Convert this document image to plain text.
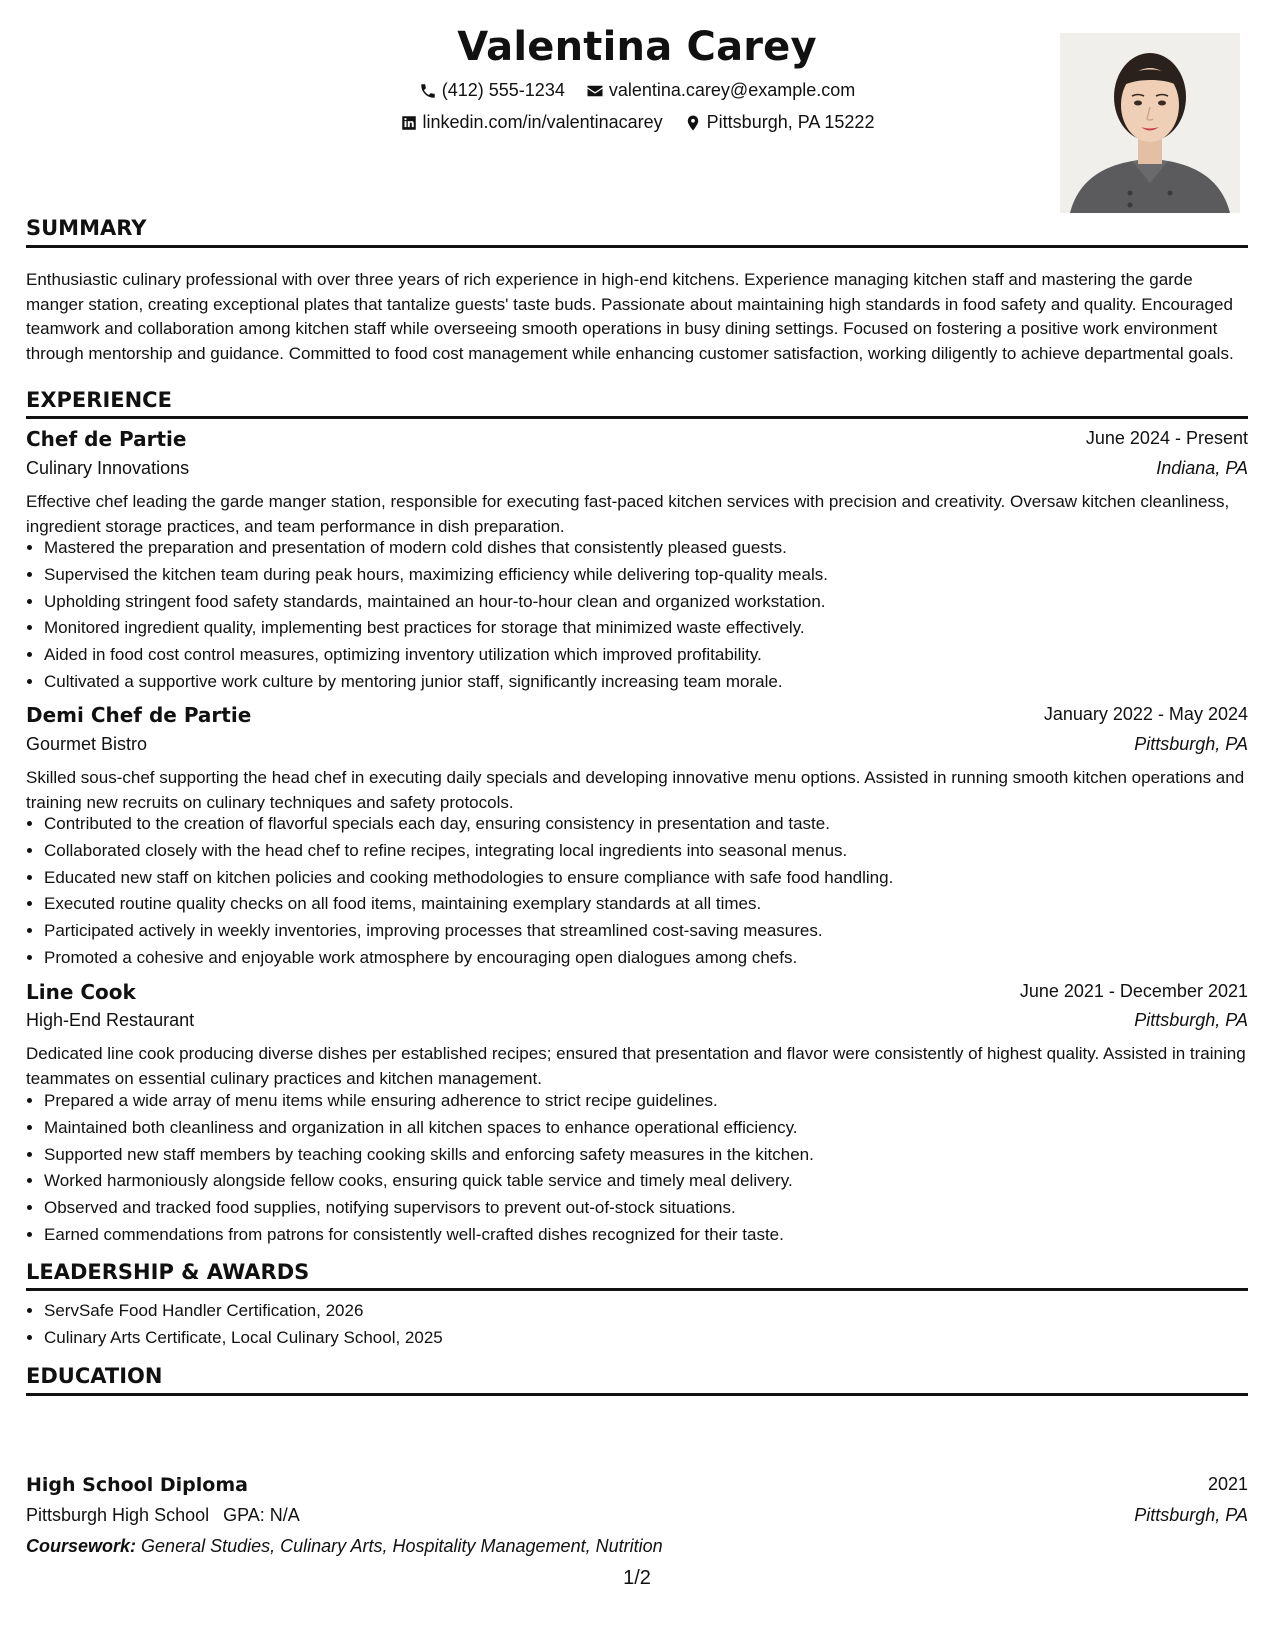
Valentina Carey
(412) 555-1234
valentina.carey@example.com
linkedin.com/in/valentinacarey
Pittsburgh, PA 15222
SUMMARY
Enthusiastic culinary professional with over three years of rich experience in high-end kitchens. Experience managing kitchen staff and mastering the garde manger station, creating exceptional plates that tantalize guests' taste buds. Passionate about maintaining high standards in food safety and quality. Encouraged teamwork and collaboration among kitchen staff while overseeing smooth operations in busy dining settings. Focused on fostering a positive work environment through mentorship and guidance. Committed to food cost management while enhancing customer satisfaction, working diligently to achieve departmental goals.
EXPERIENCE
Chef de Partie	June 2024 - Present
Culinary Innovations	Indiana, PA
Effective chef leading the garde manger station, responsible for executing fast-paced kitchen services with precision and creativity. Oversaw kitchen cleanliness, ingredient storage practices, and team performance in dish preparation.
• Mastered the preparation and presentation of modern cold dishes that consistently pleased guests.
• Supervised the kitchen team during peak hours, maximizing efficiency while delivering top-quality meals.
• Upholding stringent food safety standards, maintained an hour-to-hour clean and organized workstation.
• Monitored ingredient quality, implementing best practices for storage that minimized waste effectively.
• Aided in food cost control measures, optimizing inventory utilization which improved profitability.
• Cultivated a supportive work culture by mentoring junior staff, significantly increasing team morale.
Demi Chef de Partie	January 2022 - May 2024
Gourmet Bistro	Pittsburgh, PA
Skilled sous-chef supporting the head chef in executing daily specials and developing innovative menu options. Assisted in running smooth kitchen operations and training new recruits on culinary techniques and safety protocols.
• Contributed to the creation of flavorful specials each day, ensuring consistency in presentation and taste.
• Collaborated closely with the head chef to refine recipes, integrating local ingredients into seasonal menus.
• Educated new staff on kitchen policies and cooking methodologies to ensure compliance with safe food handling.
• Executed routine quality checks on all food items, maintaining exemplary standards at all times.
• Participated actively in weekly inventories, improving processes that streamlined cost-saving measures.
• Promoted a cohesive and enjoyable work atmosphere by encouraging open dialogues among chefs.
Line Cook	June 2021 - December 2021
High-End Restaurant	Pittsburgh, PA
Dedicated line cook producing diverse dishes per established recipes; ensured that presentation and flavor were consistently of highest quality. Assisted in training teammates on essential culinary practices and kitchen management.
• Prepared a wide array of menu items while ensuring adherence to strict recipe guidelines.
• Maintained both cleanliness and organization in all kitchen spaces to enhance operational efficiency.
• Supported new staff members by teaching cooking skills and enforcing safety measures in the kitchen.
• Worked harmoniously alongside fellow cooks, ensuring quick table service and timely meal delivery.
• Observed and tracked food supplies, notifying supervisors to prevent out-of-stock situations.
• Earned commendations from patrons for consistently well-crafted dishes recognized for their taste.
LEADERSHIP & AWARDS
• ServSafe Food Handler Certification, 2026
• Culinary Arts Certificate, Local Culinary School, 2025
EDUCATION
High School Diploma	2021
Pittsburgh High School GPA: N/A	Pittsburgh, PA
Coursework: General Studies, Culinary Arts, Hospitality Management, Nutrition
1/2
